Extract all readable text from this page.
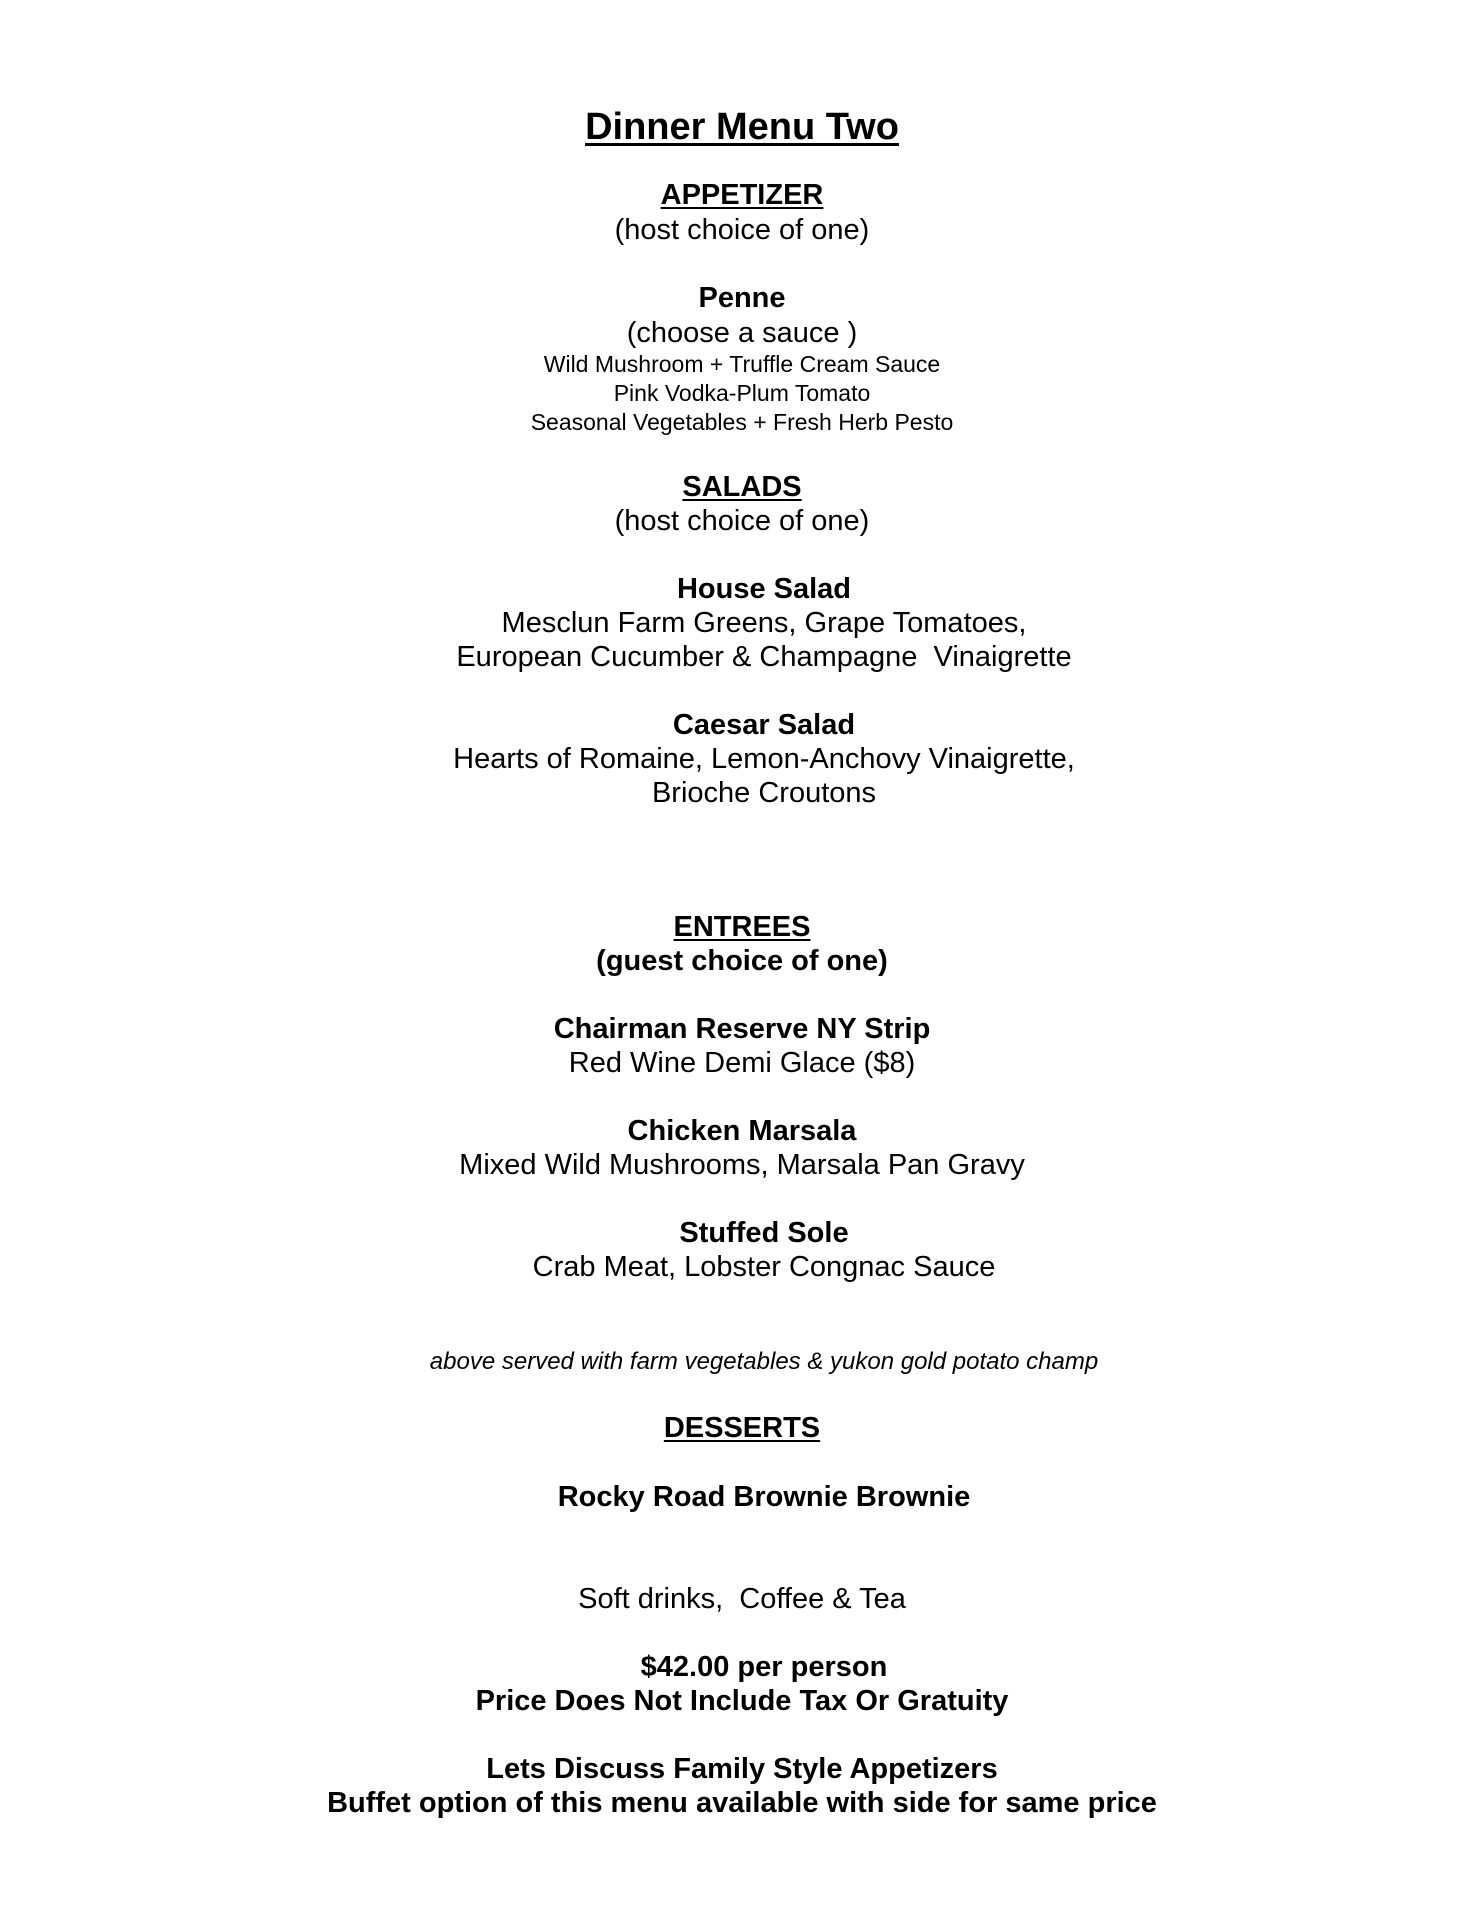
Dinner Menu Two
APPETIZER
(host choice of one)
Penne
(choose a sauce )
Wild Mushroom + Truffle Cream Sauce
Pink Vodka-Plum Tomato
Seasonal Vegetables + Fresh Herb Pesto
SALADS
(host choice of one)
House Salad
Mesclun Farm Greens, Grape Tomatoes,
European Cucumber & Champagne  Vinaigrette
Caesar Salad
Hearts of Romaine, Lemon-Anchovy Vinaigrette,
Brioche Croutons
ENTREES
(guest choice of one)
Chairman Reserve NY Strip
Red Wine Demi Glace ($8)
Chicken Marsala
Mixed Wild Mushrooms, Marsala Pan Gravy
Stuffed Sole
Crab Meat, Lobster Congnac Sauce
above served with farm vegetables & yukon gold potato champ
DESSERTS
Rocky Road Brownie Brownie
Soft drinks,  Coffee & Tea
$42.00 per person
Price Does Not Include Tax Or Gratuity
Lets Discuss Family Style Appetizers
Buffet option of this menu available with side for same price
